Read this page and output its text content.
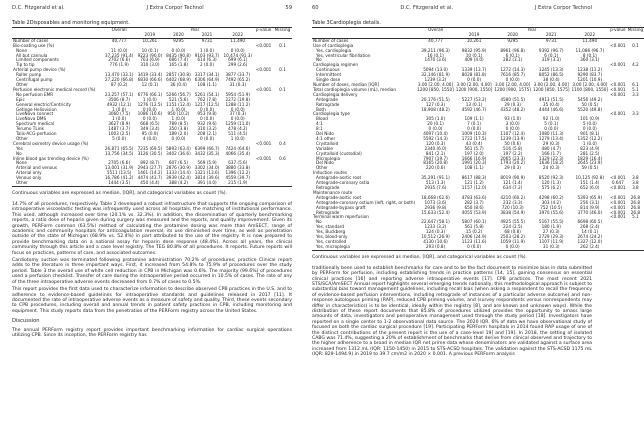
D.C. Fitzgerald et al.	J Extra Corpor Technol	59
Table 2Disposables and monitoring equipment.
	Overall	Year				p-value	Missing
		2019	2020	2021	2022		
Number of cases	40,777	10,261	9295	9731	11,490		
Bio-coating use (%)						<0.001	0.1
None	11 (0.0)	10 (0.1)	0 (0.0)	1 (0.0)	0 (0.0)		
All but cannula	37,235 (91.4)	9223 (90.0)	8435 (90.8)	9103 (93.7)	10,474 (91.3)		
Limited components	2702 (6.6)	703 (6.9)	686 (7.4)	614 (6.3)	699 (6.1)		
Tip to tip	776 (1.9)	310 (3.0)	165 (1.8)	2 (0.0)	299 (2.6)		
Arterial pump device (%)						<0.001	0.1
Roller pump	13,470 (33.1)	3419 (33.4)	2857 (30.8)	3317 (34.1)	3877 (33.7)		
Centrifugal pump	27,220 (66.8)	6830 (66.6)	6402 (68.9)	6306 (64.9)	7492 (65.2)		
Other	87 (0.2)	12 (0.1)	36 (0.4)	108 (1.1)	31 (0.3)		
Perfusion electronic medical record (%)						<0.001	0.1
No perfusion EMR	23,257 (57.1)	6776 (66.1)	5266 (56.7)	5261 (54.1)	5954 (51.9)		
Epic	3506 (8.7)	1 (0.0)	521 (5.6)	762 (7.8)	2272 (19.8)		
General electric/Centricity	4932 (12.1)	1276 (12.5)	1151 (12.4)	1217 (12.5)	1288 (11.2)		
Getinge Heliovision	1 (0.0)	0 (0.0)	1 (0.0)	0 (0.0)	0 (0.0)		
LiveNova connect	3060 (7.5)	1086 (10.6)	950 (10.2)	953 (9.8)	37 (0.3)		
LiveNova DMS	1 (0.0)	0 (0.0)	1 (0.0)	0 (0.0)	0 (0.0)		
Spectrum medical	3627 (8.9)	668 (6.5)	789 (8.5)	932 (9.6)	1259 (11.0)		
Terumo TLink	1487 (3.7)	349 (3.4)	350 (3.8)	310 (3.2)	478 (4.2)		
Talis-ACG-perfusion	1003 (2.5)	95 (0.9)	189 (2.0)	208 (2.1)	511 (4.5)		
Other	5 (0.0)	4 (0.0)	0 (0.0)	0 (0.0)	1 (0.0)		
Cerebral oximetry device usage (%)						<0.001	0.4
Yes	26,871 (65.5)	7235 (69.5)	5893 (63.4)	6399 (66.7)	7424 (64.6)		
No	13,756 (34.5)	3126 (30.5)	3402 (36.6)	3432 (35.3)	4066 (35.4)		
Inline blood gas trending device (%)						<0.001	0.6
None	2705 (6.6)	892 (8.7)	607 (6.5)	569 (5.9)	637 (5.6)		
Arterial and venous	13,001 (31.9)	2943 (27.7)	2876 (30.9)	3302 (34.0)	3880 (33.8)		
Arterial only	5511 (13.5)	1461 (14.2)	1333 (14.4)	1321 (13.6)	1396 (12.2)		
Venous only	16,786 (41.2)	4474 (43.7)	3939 (42.4)	3814 (39.6)	4559 (39.7)		
Other	1444 (3.5)	450 (4.4)	388 (4.2)	391 (4.0)	215 (1.9)		
Continuous variables are expressed as median, [IQR], and categorical variables as count (%).

14.7% of all procedures, respectively. Table 2 developed a robust infrastructure that supports the ongoing comparison of intraoperative viscoelastic testing was infrequently used across all hospitals, the matching of institutional performance. This used, although increased over time (20.1% vs. 32.3%). In addition, the dissemination of quarterly benchmarking reports, a ratio dose of heparin given during surgery was measured and the reports, and quality improvement. Given its growth, PERForm common (63.5%) method of calculating the protamine dosing was more than AmSECT, range of academic and community hospitals for anticoagulation reversal, its use diminished over time, as well as penetration outside of the state of Michigan (68.9% vs. 52.4%) in part attributed to the use of the registry. It is now prepared to provide benchmarking data on a national assay for heparin dose response (48.4%). Across all years, the clinical community through this article and a case level registry. The TEG 80.8% of all procedures. It reports. Future reports will focus on practices, patterns of care, and associated outcomes.

Cardiotomy suction was terminated following protamine administration 70.2% of procedures; practice Clinical report adds to the literature in three important ways. First, it increased from 54.8% to 75.9% of procedures over the study period. Table 3 the overall use of white cell reduction in CPB in Michigan was 0.6%. The majority (99.6%) of procedures used a perfusion checklist. Transfer of care during the intraoperative period occurred in 10.5% of cases. The rate of any of the three intraoperative adverse events decreased from 0.7% of cases to 0.5%.

This report provides the first data used to characterize information to describe observed CPB practices in the U.S. and to adherence to evidence-based guidelines for intraoperative standards and guidelines released in 2017 [11]. It documented the rate of intraoperative adverse events as a measure of safety and quality. Third, these events secondary to CPB procedures, including overall and annual trends in patient safety practices in CPB, including monitoring and equipment. This study reports data from the penetration of the PERForm registry across the United States.

Discussion

The annual PERForm registry report provides important benchmarking information for cardiac surgical operations utilizing CPB. Since its inception, the PERForm registry has

60	D.C. Fitzgerald et al.	J Extra Corpor Technol
Table 3Cardioplegia details.
	Overall	Year				p-value	Missing
		2019	2020	2021	2022		
Number of cases	40,777	10,261	9295	9731	11,490		
Use of cardioplegia						<0.001	0.1
Yes, cardioplegia	39,211 (96.3)	9832 (95.9)	8961 (96.8)	9392 (96.7)	11,086 (96.7)		
Yes, ventricular fibrillation	16 (0.1)	10 (0.1)	6 (0.1)	6 (0.1)	8 (0.1)		
No	1470 (3.6)	409 (4.0)	282 (3.1)	319 (3.3)	360 (3.1)		
Cardioplegia regimen						<0.001	4.2
Continuous	5094 (13.0)	1339 (13.7)	1272 (14.3)	1245 (13.3)	1238 (11.2)		
Intermittent	32,146 (81.9)	8028 (81.8)	7616 (85.7)	8052 (86.5)	9290 (83.7)		
Single dose	1239 (3.2)	0 (0.0)	0 (0.0)	38 (0.4)	1201 (10.9)		
Number of doses, median [IQR]	3.00 [2.00, 4.00]	3.00 [2.00, 4.00]	3.00 [2.00, 4.00]	3.00 [2.00, 4.00]	3.00 [2.00, 4.00]	<0.001	6.1
Total cardioplegia volume (mL), median	1200 [850, 1550]	1200 [900, 1550]	1200 [900, 1575]	1200 [850, 1575]	1100 [800, 1550]	<0.001	5.1
Cardioplegia delivery						<0.001	3.3
Antegrade	20,176 (51.5)	5227 (53.2)	4580 (51.5)	4913 (51.5)	5456 (49.2)		
Retrograde	127 (0.3)	13 (0.1)	29 (0.3)	35 (0.4)	50 (0.5)		
Both	18,908 (48.2)	4592 (46.7)	4352 (48.2)	4444 (46.6)	5520 (49.8)		
Cardioplegia type						<0.001	3.3
Blood	305 (1.0)	109 (1.1)	93 (1.0)	92 (1.0)	101 (0.9)		
4:1	20 (0.1)	7 (0.1)	3 (0.0)	5 (0.1)	5 (0.0)		
8:1	0 (0.0)	0 (0.0)	0 (0.0)	0 (0.0)	0 (0.0)		
Del Nido	4097 (10.4)	1009 (10.3)	1107 (12.4)	1080 (11.3)	901 (8.1)		
4:1 other	5592 (14.3)	1722 (17.5)	1239 (13.9)	1279 (13.4)	1352 (12.2)		
Crystalloid	120 (0.3)	43 (0.4)	50 (0.6)	29 (0.3)	1 (0.0)		
Variable	2340 (6.0)	561 (5.7)	516 (5.8)	480 (4.7)	823 (4.9)		
Crystalloid (custodial)	841 (2.1)	197 (2.0)	197 (2.2)	166 (1.7)	281 (2.5)		
Microplegia	7907 (19.7)	1666 (16.9)	2065 (23.3)	1329 (22.3)	1829 (16.4)		
Del Nido	8165 (20.8)	1991 (20.3)	1793 (20.2)	1636 (18.2)	2645 (23.9)		
Other	220 (0.6)	108 (1.1)	29 (0.3)	24 (0.3)	59 (0.5)		
Induction routes							
Antegrade-aortic root	35,291 (91.1)	8617 (88.3)	8019 (90.9)	8520 (92.3)	10,125 (92.8)	<0.001	3.8
Antegrade-coronary ostia	513 (1.3)	121 (1.2)	121 (1.4)	120 (1.3)	151 (1.4)	0.647	3.8
Retrograde	2935 (7.6)	1157 (12.0)	634 (7.2)	575 (6.2)	652 (6.0)	<0.001	3.8
Maintenance route							
Antegrade-aortic root	18,668 (62.6)	4783 (63.6)	4210 (60.2)	4298 (60.2)	5393 (65.9)	<0.001	26.8
Antegrade-coronary ostium (left, right, or both)	1073 (3.6)	282 (3.7)	232 (3.3)	303 (4.2)	256 (3.1)	<0.001	26.8
Antegrade-bypass graft	2936 (9.8)	650 (8.6)	720 (10.3)	752 (10.5)	814 (9.9)	<0.001	26.8
Retrograde	15,633 (52.4)	4055 (53.9)	3838 (54.9)	3970 (55.6)	3770 (46.0)	<0.001	26.8
Terminal warm reperfusion						<0.001	5.1
No	22,647 (58.1)	5807 (60.1)	4925 (55.5)	5167 (55.5)	6698 (60.5)		
Yes, standard	1233 (3.2)	561 (5.8)	224 (2.5)	180 (1.9)	268 (2.4)		
Yes, Buckberg	124 (0.3)	15 (0.2)	68 (0.8)	27 (0.3)	14 (0.1)		
Yes, blood-only	10,512 (26.9)	2406 (24.9)	2503 (28.2)	2729 (29.3)	2674 (24.2)		
Yes, controlled	4130 (10.6)	1123 (11.6)	1059 (11.9)	1107 (11.9)	1327 (12.0)		
Yes, microplegia	293 (0.8)	0 (0.0)	0 (0.0)	31 (0.3)	262 (2.4)		
Continuous variables are expressed as median, [IQR], and categorical variables as count (%).

traditionally been used to establish benchmarks for care and to be the fact document to minimize bias in data submitted by PERForm for perfusion, including establishing trends in practice patterns [14, 15], gaining consensus on essential clinical practices [16] and reporting adverse intraoperative events [17]. CPB practices. The most recent 2021 STS/SCA/AmSECT Annual report highlights several emerging trends nationally, this methodological approach is subject to substantial bias toward management guidelines, including recall bias (when asking a respondent to recall the frequency of evidence-based perfusion interventions, including retrograde of instances of a particular adverse outcome) and non-response autologous priming (RAP), reduced CPB priming volume, and (survey respondents versus nonrespondents may differ in characteristics) is to be identical, ideally within the registry [8], and are known and unknown ways). While the distribution of these report documents that 85.8% of procedures utilized provides the opportunity to amass large amounts of data, investigators and perioperative management used through the study period [18]. Investigators have reported on a single center to 1-2 observational data source. The 2020 IQR. 6% of data we have observational study of focused on both the cardiac surgical procedure [19]. Participating PERForm hospitals in 2014 found RAP usage of one of the distinct contributions of the present report is the use of a case-level 19] and [19]. In 2018, the setting of isolated CABG was 71.4%, suggesting a 20% of establishment of benchmarks that derive from clinical observed and trajectory to the higher adherence to a broad in median IQR net prime data whose denominators are validated against a surface area increased from 1312 mL (IQR: 1150-1450) in 2015 to STS-ACSD hospitals. The validation against the STS-ACSD 1175 mL (IQR: 829-1494.9) in 2019 to 39.7 cm/m2 in 2020 × 0.001. A previous PERForm analysis
